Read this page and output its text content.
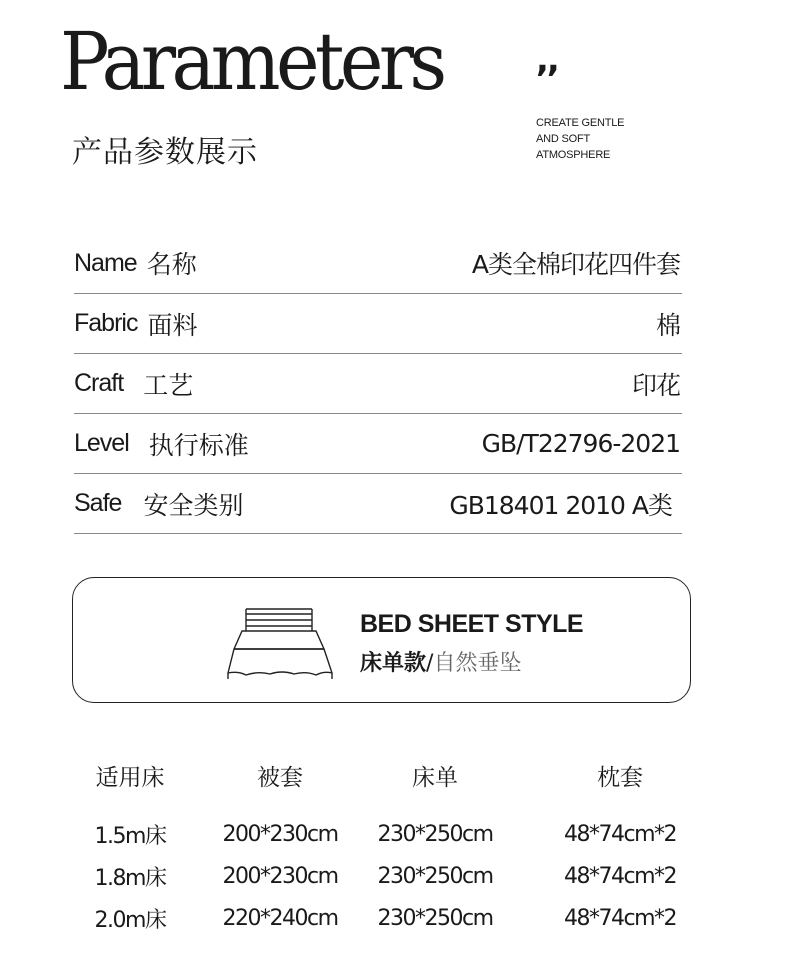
Parameters
产品参数展示
,,
CREATE GENTLE
AND SOFT
ATMOSPHERE
Name 名称	A类全棉印花四件套
Fabric 面料	棉
Craft 工艺	印花
Level 执行标准	GB/T22796-2021
Safe 安全类别	GB18401 2010 A类
BED SHEET STYLE
床单款/自然垂坠
适用床	被套	床单	枕套
1.5m床	200*230cm	230*250cm	48*74cm*2
1.8m床	200*230cm	230*250cm	48*74cm*2
2.0m床	220*240cm	230*250cm	48*74cm*2
